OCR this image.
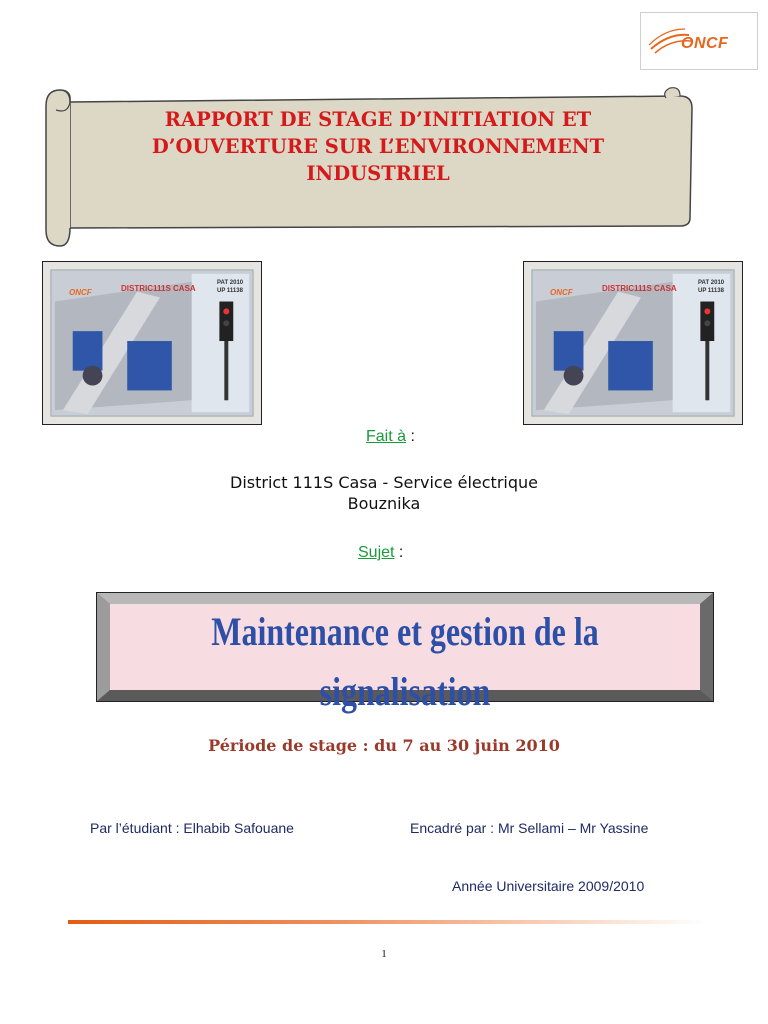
ONCF
RAPPORT DE STAGE D’INITIATION ET
D’OUVERTURE SUR L’ENVIRONNEMENT
INDUSTRIEL
ONCF	DISTRIC111S CASA
PAT 2010
UP 11138	ONCF	DISTRIC111S CASA
PAT 2010
UP 11138
Fait à :
District 111S Casa - Service électrique
Bouznika
Sujet :
Maintenance et gestion de la signalisation
Période de stage : du 7 au 30 juin 2010
Par l’étudiant : Elhabib Safouane	Encadré par : Mr Sellami – Mr Yassine
Année Universitaire 2009/2010
1
